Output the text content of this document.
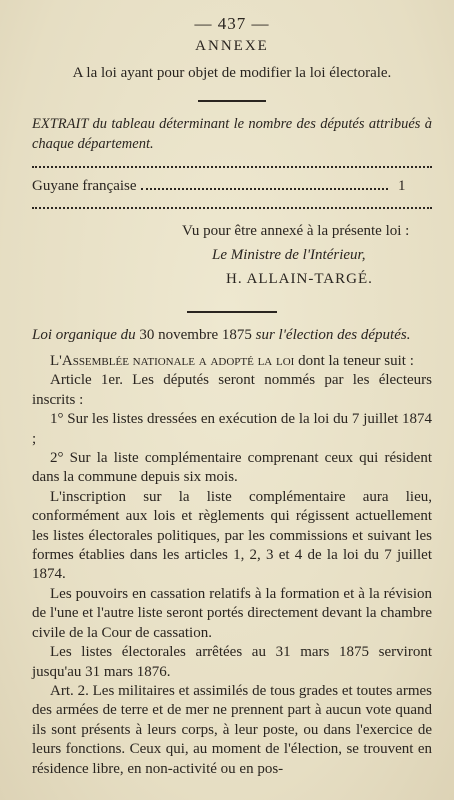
— 437 —
ANNEXE
A la loi ayant pour objet de modifier la loi électorale.
EXTRAIT du tableau déterminant le nombre des députés attribués à chaque département.
Guyane française	1
Vu pour être annexé à la présente loi :
Le Ministre de l'Intérieur,
H. ALLAIN-TARGÉ.
Loi organique du 30 novembre 1875 sur l'élection des députés.

L'Assemblée nationale a adopté la loi dont la teneur suit :

Article 1er. Les députés seront nommés par les électeurs inscrits :

1° Sur les listes dressées en exécution de la loi du 7 juillet 1874 ;

2° Sur la liste complémentaire comprenant ceux qui résident dans la commune depuis six mois.

L'inscription sur la liste complémentaire aura lieu, conformément aux lois et règlements qui régissent actuellement les listes électorales politiques, par les commissions et suivant les formes établies dans les articles 1, 2, 3 et 4 de la loi du 7 juillet 1874.

Les pouvoirs en cassation relatifs à la formation et à la révision de l'une et l'autre liste seront portés directement devant la chambre civile de la Cour de cassation.

Les listes électorales arrêtées au 31 mars 1875 serviront jusqu'au 31 mars 1876.

Art. 2. Les militaires et assimilés de tous grades et toutes armes des armées de terre et de mer ne prennent part à aucun vote quand ils sont présents à leurs corps, à leur poste, ou dans l'exercice de leurs fonctions. Ceux qui, au moment de l'élection, se trouvent en résidence libre, en non-activité ou en pos-
